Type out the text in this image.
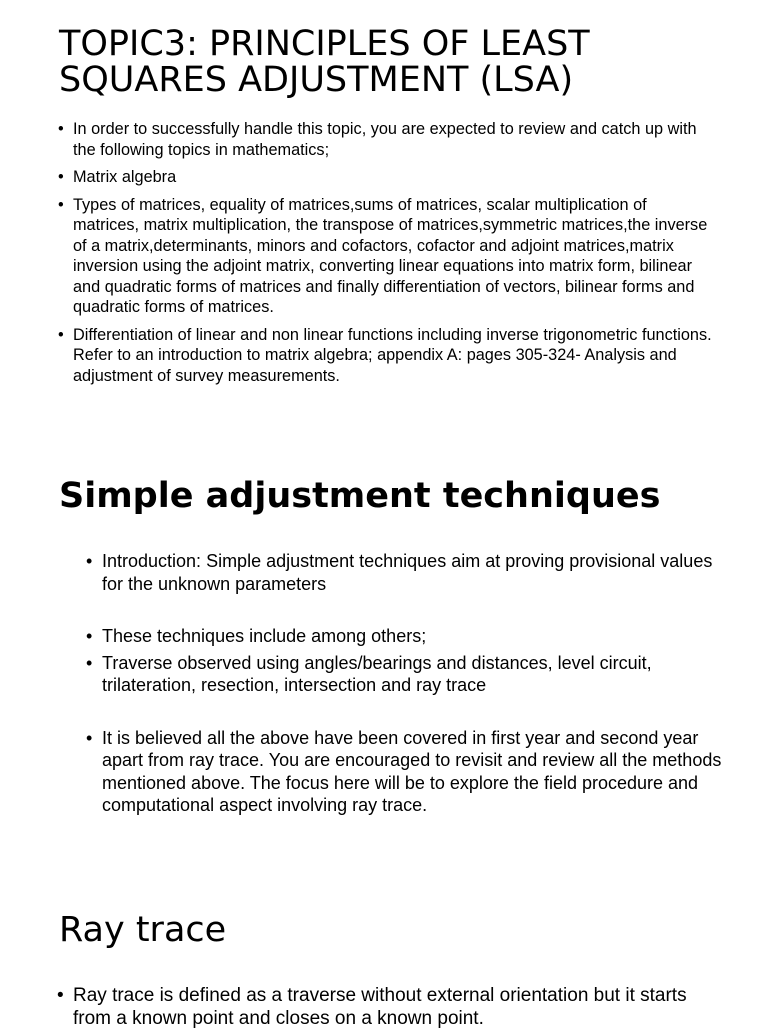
TOPIC3: PRINCIPLES OF LEAST
SQUARES ADJUSTMENT (LSA)
• In order to successfully handle this topic, you are expected to review and catch up with the following topics in mathematics;
• Matrix algebra
• Types of matrices, equality of matrices,sums of matrices, scalar multiplication of matrices, matrix multiplication, the transpose of matrices,symmetric matrices,the inverse of a matrix,determinants, minors and cofactors, cofactor and adjoint matrices,matrix inversion using the adjoint matrix, converting linear equations into matrix form, bilinear and quadratic forms of matrices and finally differentiation of vectors, bilinear forms and quadratic forms of matrices.
• Differentiation of linear and non linear functions including inverse trigonometric functions. Refer to an introduction to matrix algebra; appendix A: pages 305-324- Analysis and adjustment of survey measurements.
Simple adjustment techniques
• Introduction: Simple adjustment techniques aim at proving provisional values for the unknown parameters
• These techniques include among others;
• Traverse observed using angles/bearings and distances, level circuit, trilateration, resection, intersection and ray trace
• It is believed all the above have been covered in first year and second year apart from ray trace. You are encouraged to revisit and review all the methods mentioned above. The focus here will be to explore the field procedure and computational aspect involving ray trace.
Ray trace
• Ray trace is defined as a traverse without external orientation but it starts from a known point and closes on a known point.
